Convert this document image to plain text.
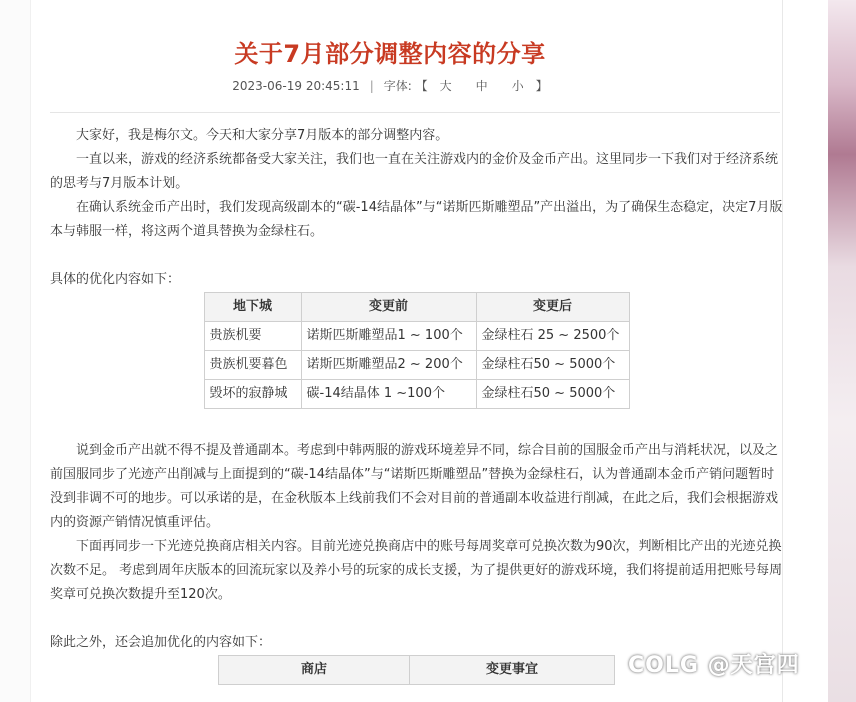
关于7月部分调整内容的分享
2023-06-19 20:45:11 | 字体: 【 大 中 小 】

大家好，我是梅尔文。今天和大家分享7月版本的部分调整内容。

一直以来，游戏的经济系统都备受大家关注，我们也一直在关注游戏内的金价及金币产出。这里同步一下我们对于经济系统的思考与7月版本计划。

在确认系统金币产出时，我们发现高级副本的“碳-14结晶体”与“诺斯匹斯雕塑品”产出溢出，为了确保生态稳定，决定7月版本与韩服一样，将这两个道具替换为金绿柱石。

具体的优化内容如下：

地下城	变更前	变更后
贵族机要	诺斯匹斯雕塑品1 ~ 100个	金绿柱石 25 ~ 2500个
贵族机要暮色	诺斯匹斯雕塑品2 ~ 200个	金绿柱石50 ~ 5000个
毁坏的寂静城	碳-14结晶体 1 ~100个	金绿柱石50 ~ 5000个

说到金币产出就不得不提及普通副本。考虑到中韩两服的游戏环境差异不同，综合目前的国服金币产出与消耗状况，以及之前国服同步了光迹产出削减与上面提到的“碳-14结晶体”与“诺斯匹斯雕塑品”替换为金绿柱石，认为普通副本金币产销问题暂时没到非调不可的地步。可以承诺的是，在金秋版本上线前我们不会对目前的普通副本收益进行削减，在此之后，我们会根据游戏内的资源产销情况慎重评估。

下面再同步一下光迹兑换商店相关内容。目前光迹兑换商店中的账号每周奖章可兑换次数为90次，判断相比产出的光迹兑换次数不足。 考虑到周年庆版本的回流玩家以及养小号的玩家的成长支援，为了提供更好的游戏环境，我们将提前适用把账号每周奖章可兑换次数提升至120次。

除此之外，还会追加优化的内容如下：

商店	变更事宜	COLG @天宫四
